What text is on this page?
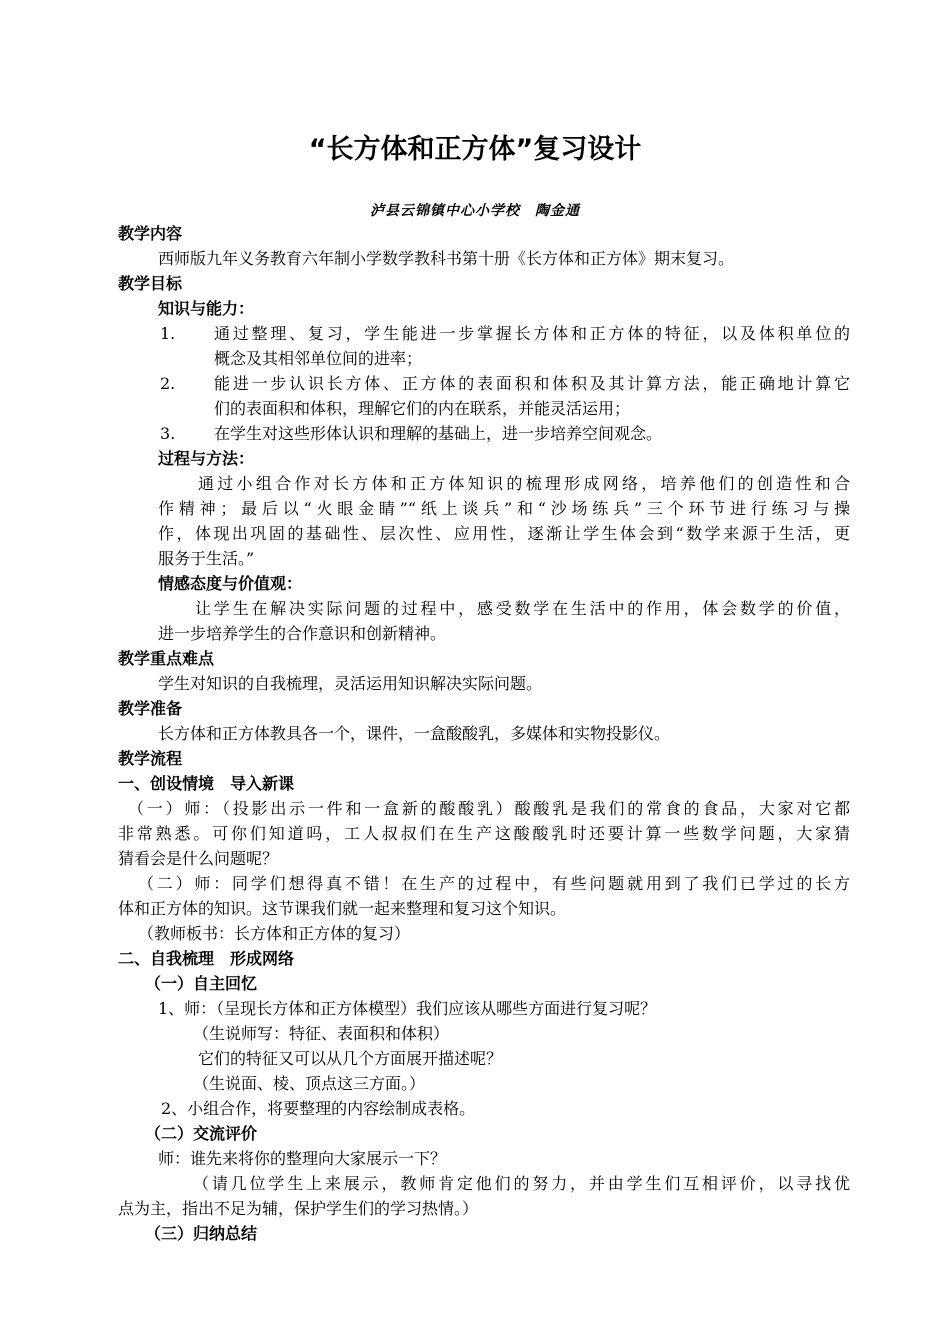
“长方体和正方体”复习设计
泸县云锦镇中心小学校　陶金通
教学内容
西师版九年义务教育六年制小学数学教科书第十册《长方体和正方体》期末复习。
教学目标
知识与能力：
1. 通过整理、复习，学生能进一步掌握长方体和正方体的特征，以及体积单位的
概念及其相邻单位间的进率；
2. 能进一步认识长方体、正方体的表面积和体积及其计算方法，能正确地计算它
们的表面积和体积，理解它们的内在联系，并能灵活运用；
3. 在学生对这些形体认识和理解的基础上，进一步培养空间观念。
过程与方法：
通过小组合作对长方体和正方体知识的梳理形成网络，培养他们的创造性和合
作精神；最后以“火眼金睛”“纸上谈兵”和“沙场练兵”三个环节进行练习与操
作，体现出巩固的基础性、层次性、应用性，逐渐让学生体会到“数学来源于生活，更
服务于生活。”
情感态度与价值观：
让学生在解决实际问题的过程中，感受数学在生活中的作用，体会数学的价值，
进一步培养学生的合作意识和创新精神。
教学重点难点
学生对知识的自我梳理，灵活运用知识解决实际问题。
教学准备
长方体和正方体教具各一个，课件，一盒酸酸乳，多媒体和实物投影仪。
教学流程
一、创设情境　导入新课
（一）师：（投影出示一件和一盒新的酸酸乳）酸酸乳是我们的常食的食品，大家对它都
非常熟悉。可你们知道吗，工人叔叔们在生产这酸酸乳时还要计算一些数学问题，大家猜
猜看会是什么问题呢？
（二）师：同学们想得真不错！在生产的过程中，有些问题就用到了我们已学过的长方
体和正方体的知识。这节课我们就一起来整理和复习这个知识。
（教师板书：长方体和正方体的复习）
二、自我梳理　形成网络
（一）自主回忆
1、师：（呈现长方体和正方体模型）我们应该从哪些方面进行复习呢？
（生说师写：特征、表面积和体积）
它们的特征又可以从几个方面展开描述呢？
（生说面、棱、顶点这三方面。）
2、小组合作，将要整理的内容绘制成表格。
（二）交流评价
师：谁先来将你的整理向大家展示一下？
（请几位学生上来展示，教师肯定他们的努力，并由学生们互相评价，以寻找优
点为主，指出不足为辅，保护学生们的学习热情。）
（三）归纳总结
